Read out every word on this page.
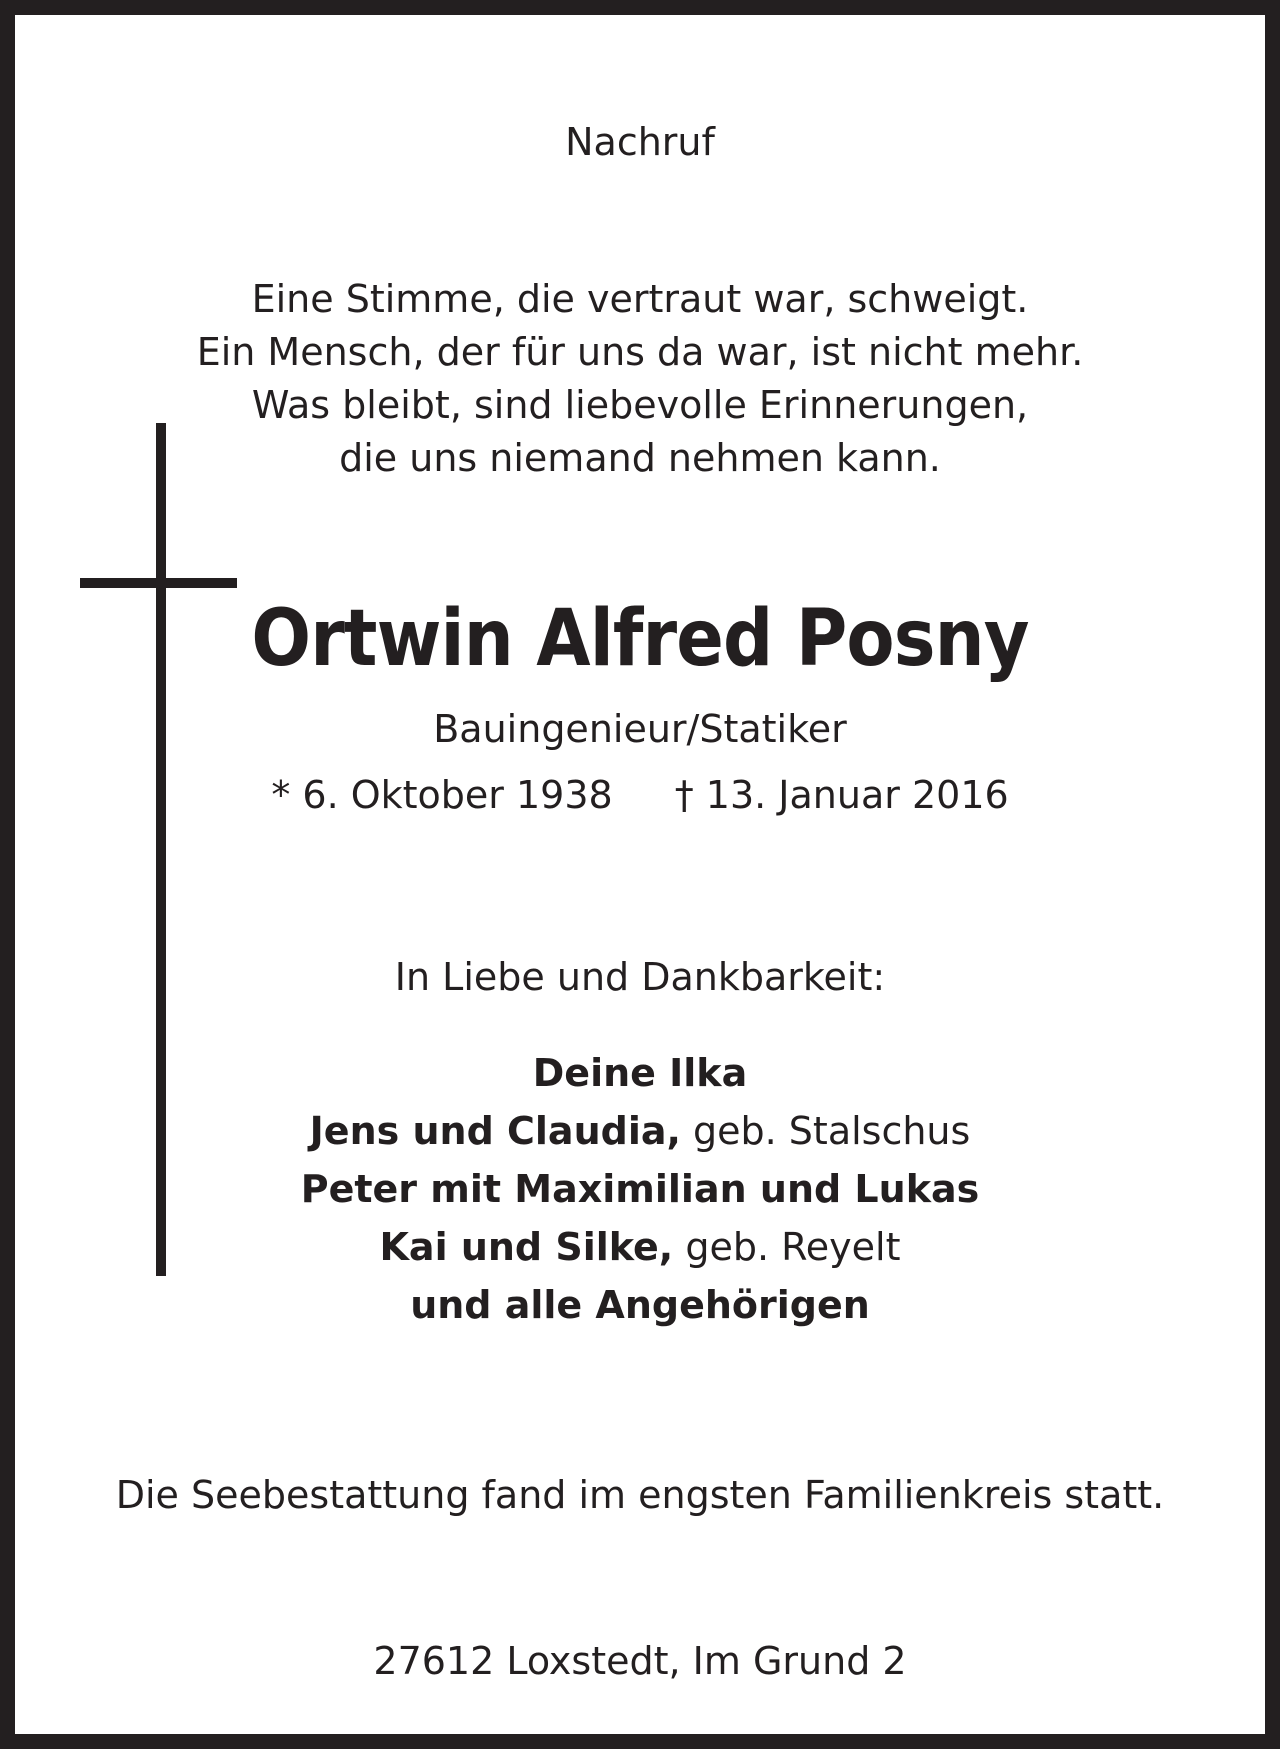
Nachruf
Eine Stimme, die vertraut war, schweigt.
Ein Mensch, der für uns da war, ist nicht mehr.
Was bleibt, sind liebevolle Erinnerungen,
die uns niemand nehmen kann.
Ortwin Alfred Posny
Bauingenieur/Statiker
* 6. Oktober 1938 † 13. Januar 2016
In Liebe und Dankbarkeit:
Deine Ilka
Jens und Claudia, geb. Stalschus
Peter mit Maximilian und Lukas
Kai und Silke, geb. Reyelt
und alle Angehörigen
Die Seebestattung fand im engsten Familienkreis statt.
27612 Loxstedt, Im Grund 2
